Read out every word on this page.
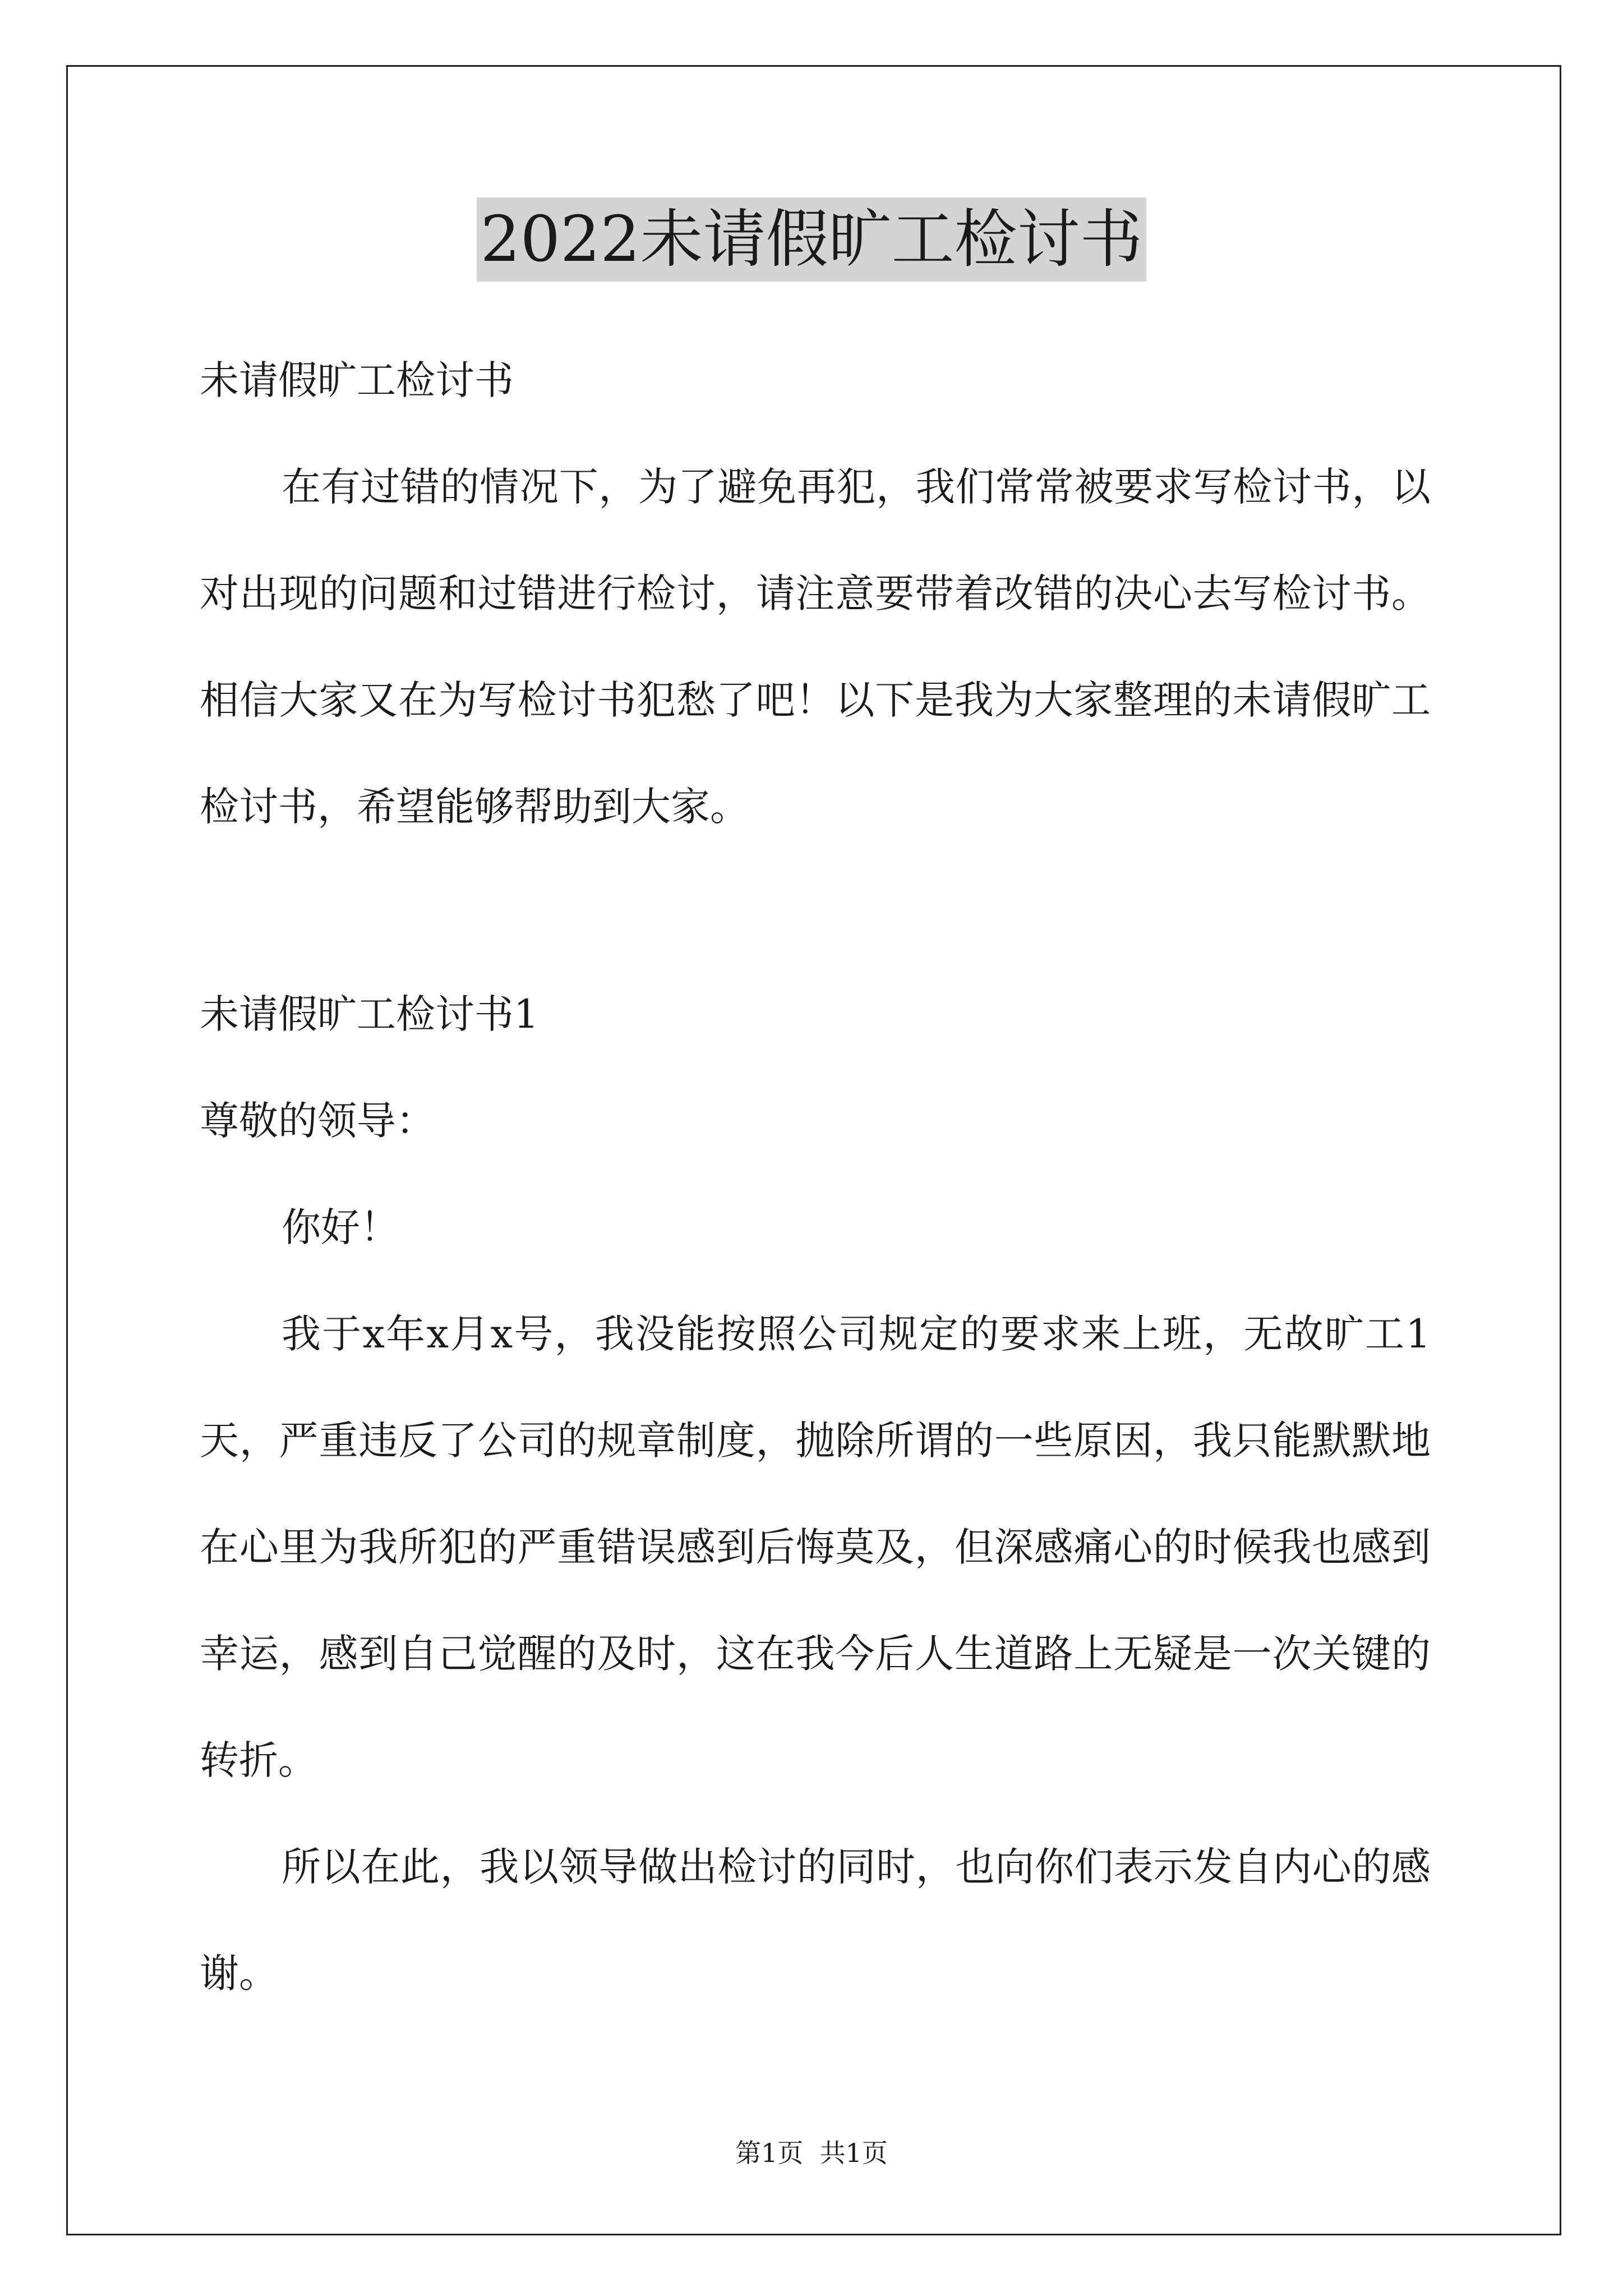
2022未请假旷工检讨书

未请假旷工检讨书

在有过错的情况下，为了避免再犯，我们常常被要求写检讨书，以对出现的问题和过错进行检讨，请注意要带着改错的决心去写检讨书。相信大家又在为写检讨书犯愁了吧！以下是我为大家整理的未请假旷工检讨书，希望能够帮助到大家。

未请假旷工检讨书1

尊敬的领导：

你好！

我于x年x月x号，我没能按照公司规定的要求来上班，无故旷工1天，严重违反了公司的规章制度，抛除所谓的一些原因，我只能默默地在心里为我所犯的严重错误感到后悔莫及，但深感痛心的时候我也感到幸运，感到自己觉醒的及时，这在我今后人生道路上无疑是一次关键的转折。

所以在此，我以领导做出检讨的同时，也向你们表示发自内心的感谢。

第1页  共1页
